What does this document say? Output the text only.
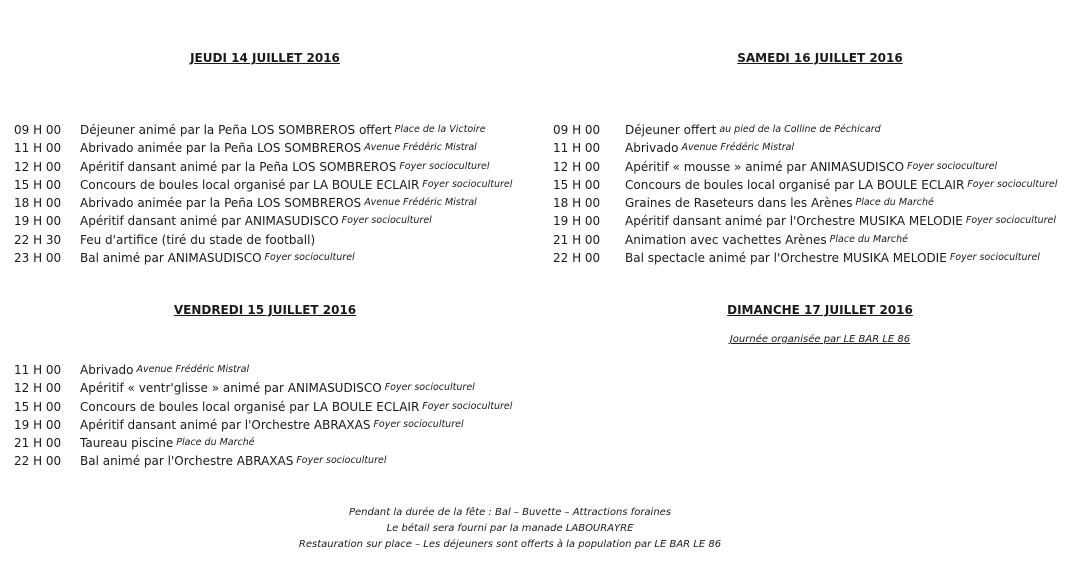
JEUDI 14 JUILLET 2016	SAMEDI 16 JUILLET 2016
VENDREDI 15 JUILLET 2016	DIMANCHE 17 JUILLET 2016
Journée organisée par LE BAR LE 86
09 H 00	Déjeuner animé par la Peña LOS SOMBREROS offert Place de la Victoire
11 H 00	Abrivado animée par la Peña LOS SOMBREROS Avenue Frédéric Mistral
12 H 00	Apéritif dansant animé par la Peña LOS SOMBREROS Foyer socioculturel
15 H 00	Concours de boules local organisé par LA BOULE ECLAIR Foyer socioculturel
18 H 00	Abrivado animée par la Peña LOS SOMBREROS Avenue Frédéric Mistral
19 H 00	Apéritif dansant animé par ANIMASUDISCO Foyer socioculturel
22 H 30	Feu d'artifice (tiré du stade de football)
23 H 00	Bal animé par ANIMASUDISCO Foyer socioculturel
09 H 00	Déjeuner offert au pied de la Colline de Péchicard
11 H 00	Abrivado Avenue Frédéric Mistral
12 H 00	Apéritif « mousse » animé par ANIMASUDISCO Foyer socioculturel
15 H 00	Concours de boules local organisé par LA BOULE ECLAIR Foyer socioculturel
18 H 00	Graines de Raseteurs dans les Arènes Place du Marché
19 H 00	Apéritif dansant animé par l'Orchestre MUSIKA MELODIE Foyer socioculturel
21 H 00	Animation avec vachettes Arènes Place du Marché
22 H 00	Bal spectacle animé par l'Orchestre MUSIKA MELODIE Foyer socioculturel
11 H 00	Abrivado Avenue Frédéric Mistral
12 H 00	Apéritif « ventr'glisse » animé par ANIMASUDISCO Foyer socioculturel
15 H 00	Concours de boules local organisé par LA BOULE ECLAIR Foyer socioculturel
19 H 00	Apéritif dansant animé par l'Orchestre ABRAXAS Foyer socioculturel
21 H 00	Taureau piscine Place du Marché
22 H 00	Bal animé par l'Orchestre ABRAXAS Foyer socioculturel
Pendant la durée de la fête : Bal – Buvette – Attractions foraines
Le bétail sera fourni par la manade LABOURAYRE
Restauration sur place – Les déjeuners sont offerts à la population par LE BAR LE 86
